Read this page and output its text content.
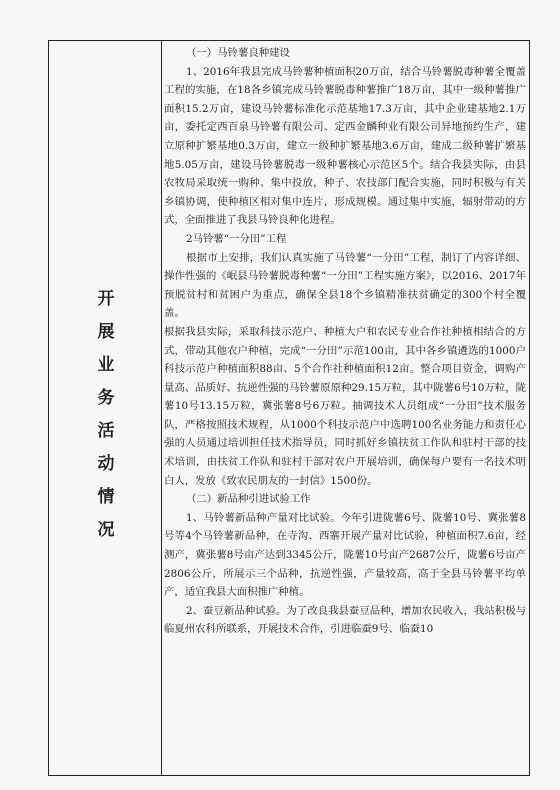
开
展
业
务
活
动
情
况

（一）马铃薯良种建设

1、2016年我县完成马铃薯种植面积20万亩，结合马铃薯脱毒种薯全覆盖工程的实施，在18各乡镇完成马铃薯脱毒种薯推广18万亩，其中一级种薯推广面积15.2万亩，建设马铃薯标准化示范基地17.3万亩，其中企业建基地2.1万亩，委托定西百泉马铃薯有限公司、定西金麟种业有限公司异地预约生产，建立原种扩繁基地0.3万亩，建立一级种扩繁基地3.6万亩，建成二级种薯扩繁基地5.05万亩，建设马铃薯脱毒一级种薯核心示范区5个。结合我县实际，由县农牧局采取统一购种、集中投放，种子、农技部门配合实施，同时积极与有关乡镇协调，使种植区相对集中连片，形成规模。通过集中实施，辐射带动的方式，全面推进了我县马铃良种化进程。

2马铃薯“一分田”工程

根据市上安排，我们认真实施了马铃薯“一分田”工程，制订了内容详细、操作性强的《岷县马铃薯脱毒种薯“一分田”工程实施方案》，以2016、2017年预脱贫村和贫困户为重点，确保全县18个乡镇精准扶贫确定的300个村全覆盖。

根据我县实际，采取科技示范户、种植大户和农民专业合作社种植相结合的方式，带动其他农户种植，完成“一分田”示范100亩，其中各乡镇遴选的1000户科技示范户种植面积88亩、5个合作社种植面积12亩。整合项目资金，调购产量高、品质好、抗逆性强的马铃薯原原种29.15万粒，其中陇薯6号10万粒，陇薯10号13.15万粒，冀张薯8号6万粒。抽调技术人员组成“一分田”技术服务队，严格按照技术规程，从1000个科技示范户中选聘100名业务能力和责任心强的人员通过培训担任技术指导员，同时抓好乡镇扶贫工作队和驻村干部的技术培训，由扶贫工作队和驻村干部对农户开展培训，确保每户要有一名技术明白人，发放《致农民朋友的一封信》1500份。

（二）新品种引进试验工作

1、马铃薯新品种产量对比试验。今年引进陇薯6号、陇薯10号、冀张薯8号等4个马铃薯新品种，在寺沟、西寨开展产量对比试验，种植面积7.6亩，经测产，冀张薯8号亩产达到3345公斤，陇薯10号亩产2687公斤，陇薯6号亩产2806公斤，所展示三个品种，抗逆性强，产量较高，高于全县马铃薯平均单产，适宜我县大面积推广种植。

2、蚕豆新品种试验。为了改良我县蚕豆品种，增加农民收入，我站积极与临夏州农科所联系，开展技术合作，引进临蚕9号、临蚕10
